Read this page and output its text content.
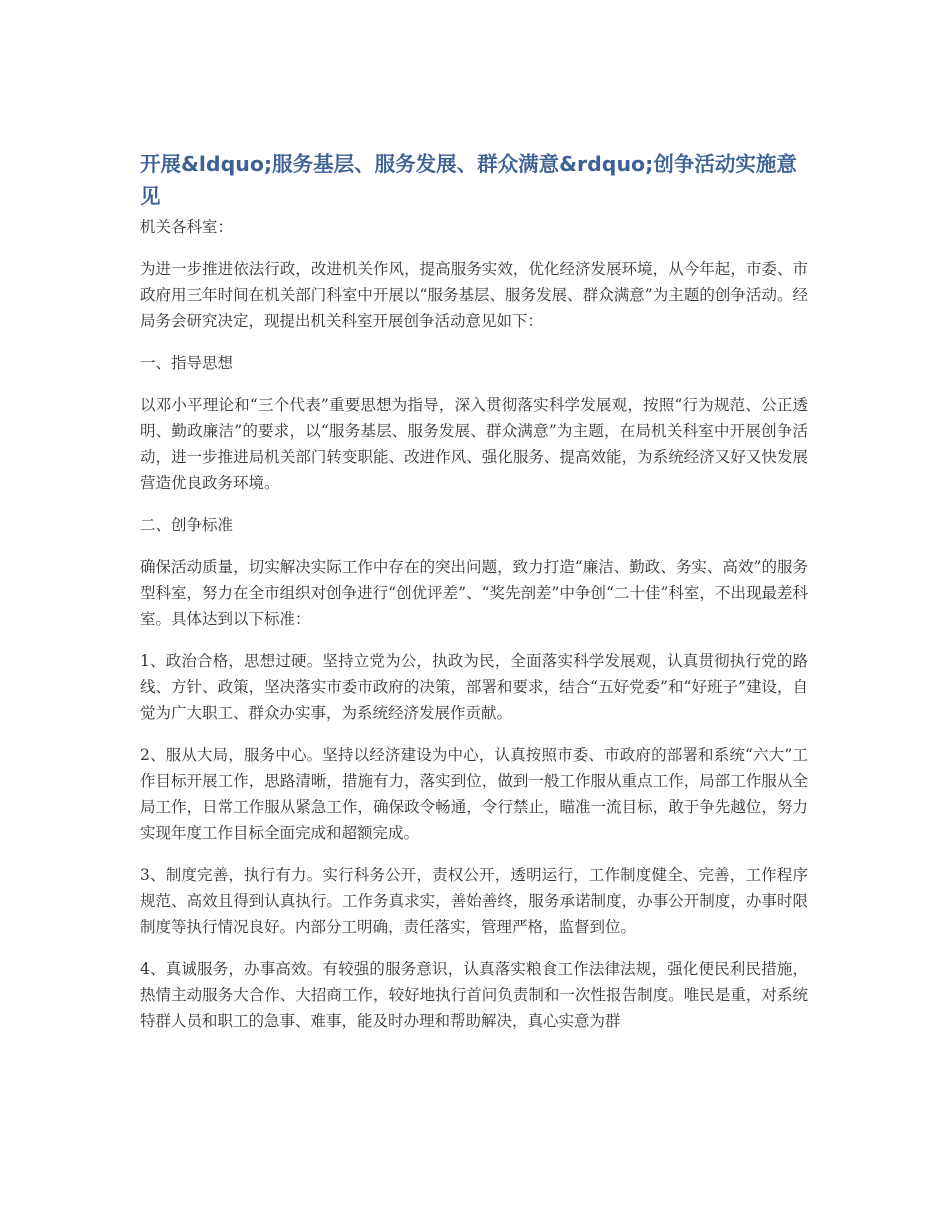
开展&ldquo;服务基层、服务发展、群众满意&rdquo;创争活动实施意见

机关各科室：

为进一步推进依法行政，改进机关作风，提高服务实效，优化经济发展环境，从今年起，市委、市政府用三年时间在机关部门科室中开展以“服务基层、服务发展、群众满意”为主题的创争活动。经局务会研究决定，现提出机关科室开展创争活动意见如下：

一、指导思想

以邓小平理论和“三个代表”重要思想为指导，深入贯彻落实科学发展观，按照“行为规范、公正透明、勤政廉洁”的要求，以“服务基层、服务发展、群众满意”为主题，在局机关科室中开展创争活动，进一步推进局机关部门转变职能、改进作风、强化服务、提高效能，为系统经济又好又快发展营造优良政务环境。

二、创争标准

确保活动质量，切实解决实际工作中存在的突出问题，致力打造“廉洁、勤政、务实、高效”的服务型科室，努力在全市组织对创争进行“创优评差”、“奖先剖差”中争创“二十佳”科室，不出现最差科室。具体达到以下标准：

1、政治合格，思想过硬。坚持立党为公，执政为民，全面落实科学发展观，认真贯彻执行党的路线、方针、政策，坚决落实市委市政府的决策，部署和要求，结合“五好党委”和“好班子”建设，自觉为广大职工、群众办实事，为系统经济发展作贡献。

2、服从大局，服务中心。坚持以经济建设为中心，认真按照市委、市政府的部署和系统“六大”工作目标开展工作，思路清晰，措施有力，落实到位，做到一般工作服从重点工作，局部工作服从全局工作，日常工作服从紧急工作，确保政令畅通，令行禁止，瞄准一流目标，敢于争先越位，努力实现年度工作目标全面完成和超额完成。

3、制度完善，执行有力。实行科务公开，责权公开，透明运行，工作制度健全、完善，工作程序规范、高效且得到认真执行。工作务真求实，善始善终，服务承诺制度，办事公开制度，办事时限制度等执行情况良好。内部分工明确，责任落实，管理严格，监督到位。

4、真诚服务，办事高效。有较强的服务意识，认真落实粮食工作法律法规，强化便民利民措施，热情主动服务大合作、大招商工作，较好地执行首问负责制和一次性报告制度。唯民是重，对系统特群人员和职工的急事、难事，能及时办理和帮助解决，真心实意为群
